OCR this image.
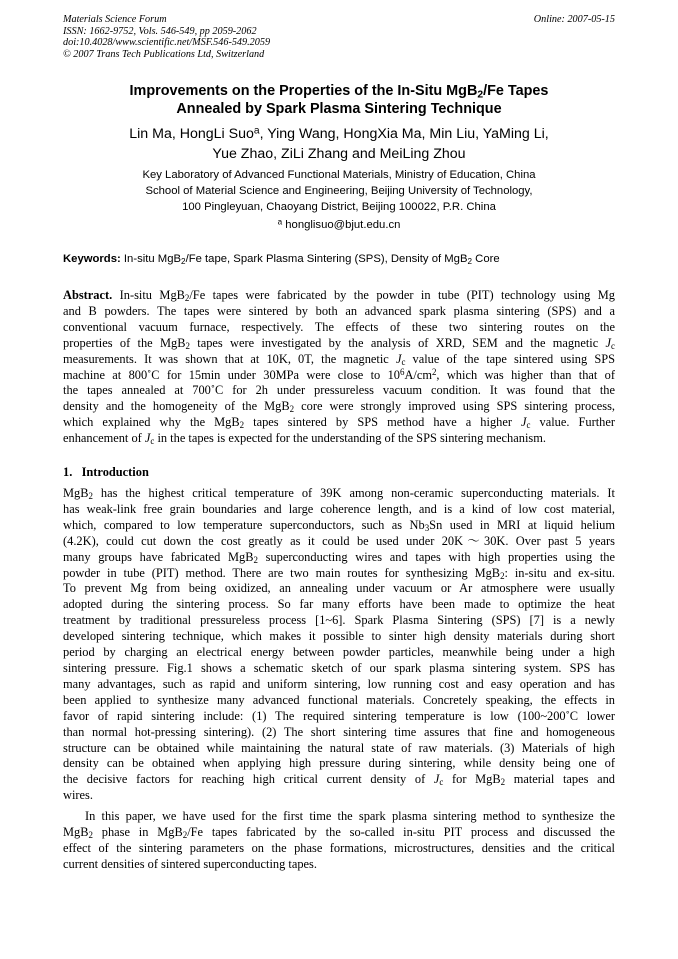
Materials Science Forum
ISSN: 1662-9752, Vols. 546-549, pp 2059-2062
doi:10.4028/www.scientific.net/MSF.546-549.2059
© 2007 Trans Tech Publications Ltd, Switzerland
Online: 2007-05-15
Improvements on the Properties of the In-Situ MgB$_2$/Fe Tapes
Annealed by Spark Plasma Sintering Technique
Lin Ma, HongLi Suo$^a$, Ying Wang, HongXia Ma, Min Liu, YaMing Li,
Yue Zhao, ZiLi Zhang and MeiLing Zhou
Key Laboratory of Advanced Functional Materials, Ministry of Education, China
School of Material Science and Engineering, Beijing University of Technology,
100 Pingleyuan, Chaoyang District, Beijing 100022, P.R. China
$^a$ honglisuo@bjut.edu.cn
Keywords: In-situ MgB$_2$/Fe tape, Spark Plasma Sintering (SPS), Density of MgB$_2$ Core
Abstract. In-situ MgB$_2$/Fe tapes were fabricated by the powder in tube (PIT) technology using Mg
and B powders. The tapes were sintered by both an advanced spark plasma sintering (SPS) and a
conventional vacuum furnace, respectively. The effects of these two sintering routes on the
properties of the MgB$_2$ tapes were investigated by the analysis of XRD, SEM and the magnetic $J_c$
measurements. It was shown that at 10K, 0T, the magnetic $J_c$ value of the tape sintered using SPS
machine at 800˚C for 15min under 30MPa were close to $10^6A/cm^2$, which was higher than that of
the tapes annealed at 700˚C for 2h under pressureless vacuum condition. It was found that the
density and the homogeneity of the MgB$_2$ core were strongly improved using SPS sintering process,
which explained why the MgB$_2$ tapes sintered by SPS method have a higher $J_c$ value. Further
enhancement of $J_c$ in the tapes is expected for the understanding of the SPS sintering mechanism.
1. Introduction
MgB$_2$ has the highest critical temperature of 39K among non-ceramic superconducting materials. It
has weak-link free grain boundaries and large coherence length, and is a kind of low cost material,
which, compared to low temperature superconductors, such as $Nb_3Sn$ used in MRI at liquid helium
(4.2K), could cut down the cost greatly as it could be used under 20K～30K. Over past 5 years
many groups have fabricated MgB$_2$ superconducting wires and tapes with high properties using the
powder in tube (PIT) method. There are two main routes for synthesizing MgB$_2$: in-situ and ex-situ.
To prevent Mg from being oxidized, an annealing under vacuum or Ar atmosphere were usually
adopted during the sintering process. So far many efforts have been made to optimize the heat
treatment by traditional pressureless process [1~6]. Spark Plasma Sintering (SPS) [7] is a newly
developed sintering technique, which makes it possible to sinter high density materials during short
period by charging an electrical energy between powder particles, meanwhile being under a high
sintering pressure. Fig.1 shows a schematic sketch of our spark plasma sintering system. SPS has
many advantages, such as rapid and uniform sintering, low running cost and easy operation and has
been applied to synthesize many advanced functional materials. Concretely speaking, the effects in
favor of rapid sintering include: (1) The required sintering temperature is low (100~200˚C lower
than normal hot-pressing sintering). (2) The short sintering time assures that fine and homogeneous
structure can be obtained while maintaining the natural state of raw materials. (3) Materials of high
density can be obtained when applying high pressure during sintering, while density being one of
the decisive factors for reaching high critical current density of $J_c$ for MgB$_2$ material tapes and
wires.
In this paper, we have used for the first time the spark plasma sintering method to synthesize the
MgB$_2$ phase in MgB$_2$/Fe tapes fabricated by the so-called in-situ PIT process and discussed the
effect of the sintering parameters on the phase formations, microstructures, densities and the critical
current densities of sintered superconducting tapes.
